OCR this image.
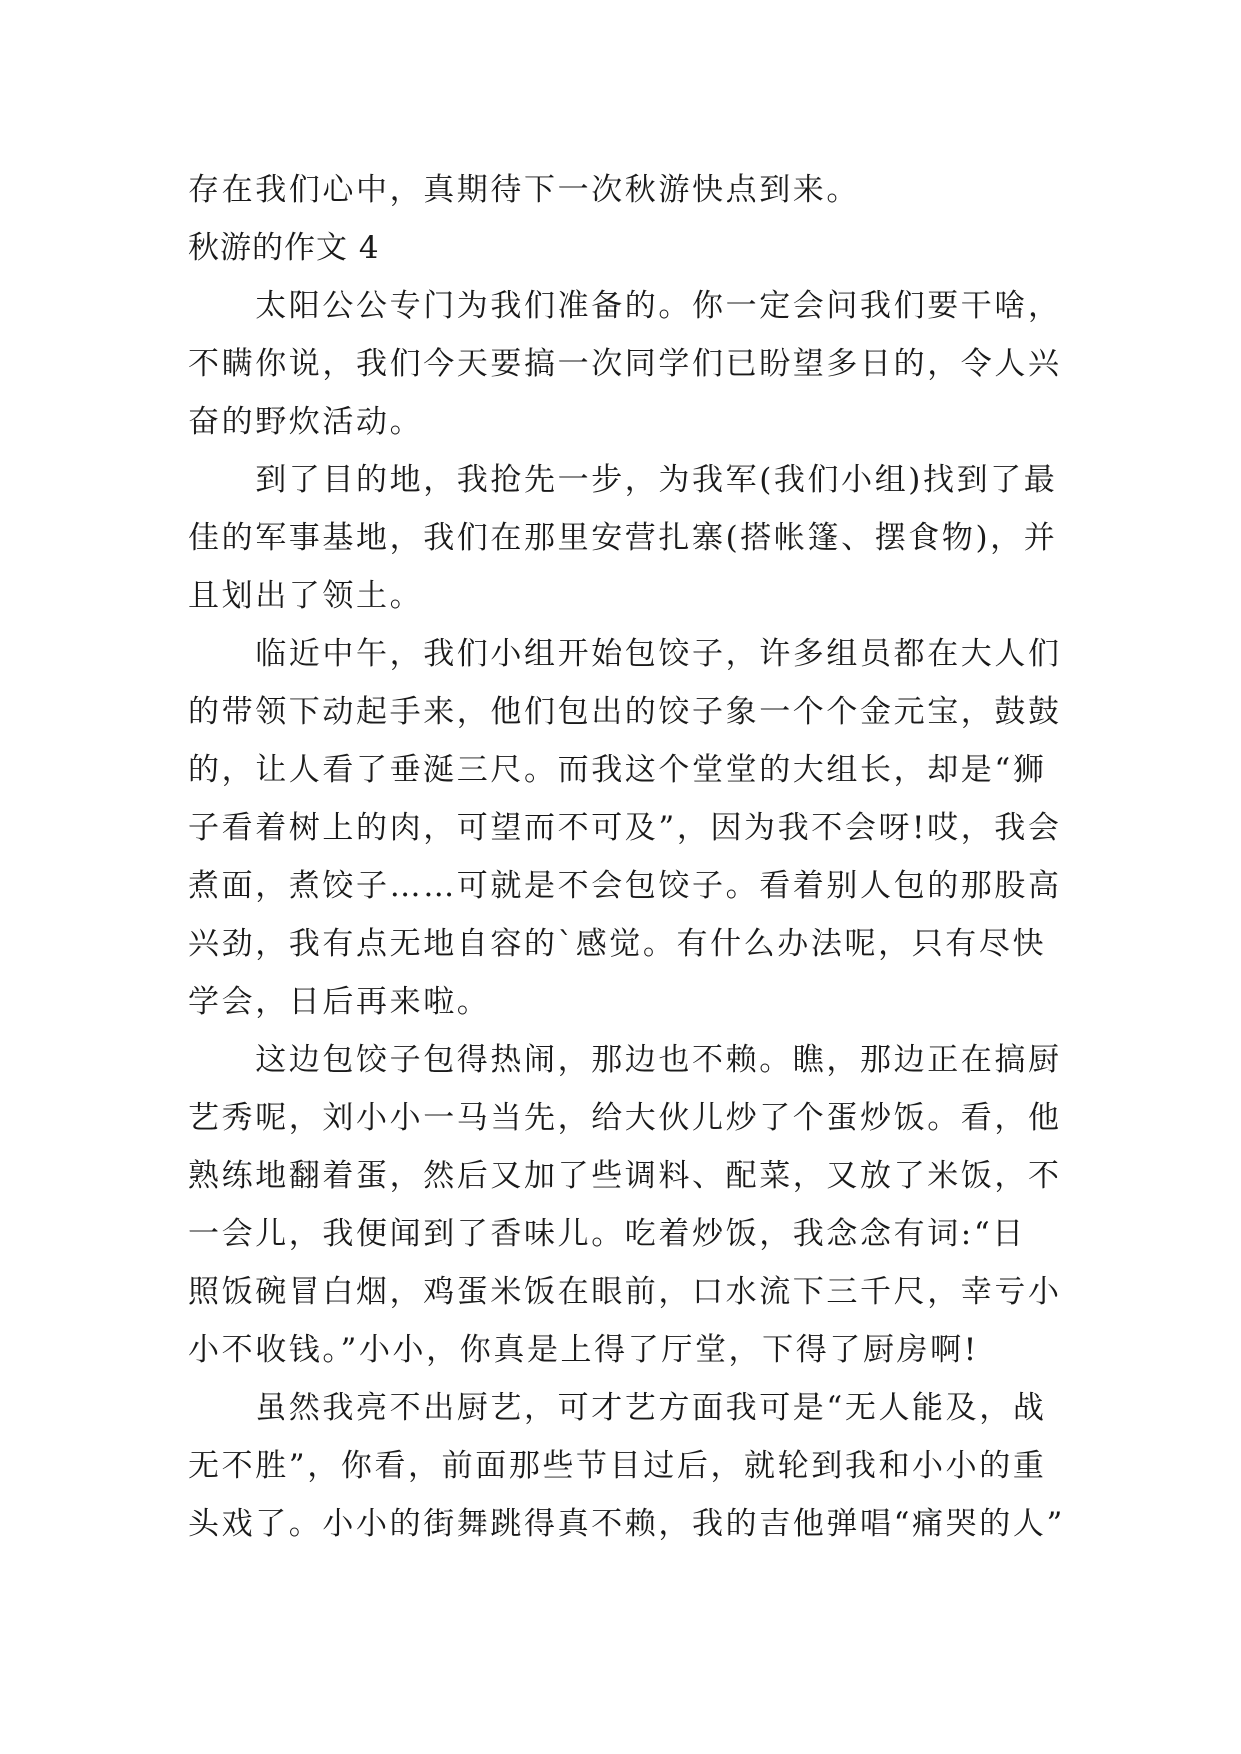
存在我们心中，真期待下一次秋游快点到来。
秋游的作文 4
　　太阳公公专门为我们准备的。你一定会问我们要干啥，
不瞒你说，我们今天要搞一次同学们已盼望多日的，令人兴
奋的野炊活动。
　　到了目的地，我抢先一步，为我军(我们小组)找到了最
佳的军事基地，我们在那里安营扎寨(搭帐篷、摆食物)，并
且划出了领土。
　　临近中午，我们小组开始包饺子，许多组员都在大人们
的带领下动起手来，他们包出的饺子象一个个金元宝，鼓鼓
的，让人看了垂涎三尺。而我这个堂堂的大组长，却是“狮
子看着树上的肉，可望而不可及”，因为我不会呀!哎，我会
煮面，煮饺子……可就是不会包饺子。看着别人包的那股高
兴劲，我有点无地自容的`感觉。有什么办法呢，只有尽快
学会，日后再来啦。
　　这边包饺子包得热闹，那边也不赖。瞧，那边正在搞厨
艺秀呢，刘小小一马当先，给大伙儿炒了个蛋炒饭。看，他
熟练地翻着蛋，然后又加了些调料、配菜，又放了米饭，不
一会儿，我便闻到了香味儿。吃着炒饭，我念念有词:“日
照饭碗冒白烟，鸡蛋米饭在眼前，口水流下三千尺，幸亏小
小不收钱。”小小，你真是上得了厅堂，下得了厨房啊!
　　虽然我亮不出厨艺，可才艺方面我可是“无人能及，战
无不胜”，你看，前面那些节目过后，就轮到我和小小的重
头戏了。小小的街舞跳得真不赖，我的吉他弹唱“痛哭的人”
